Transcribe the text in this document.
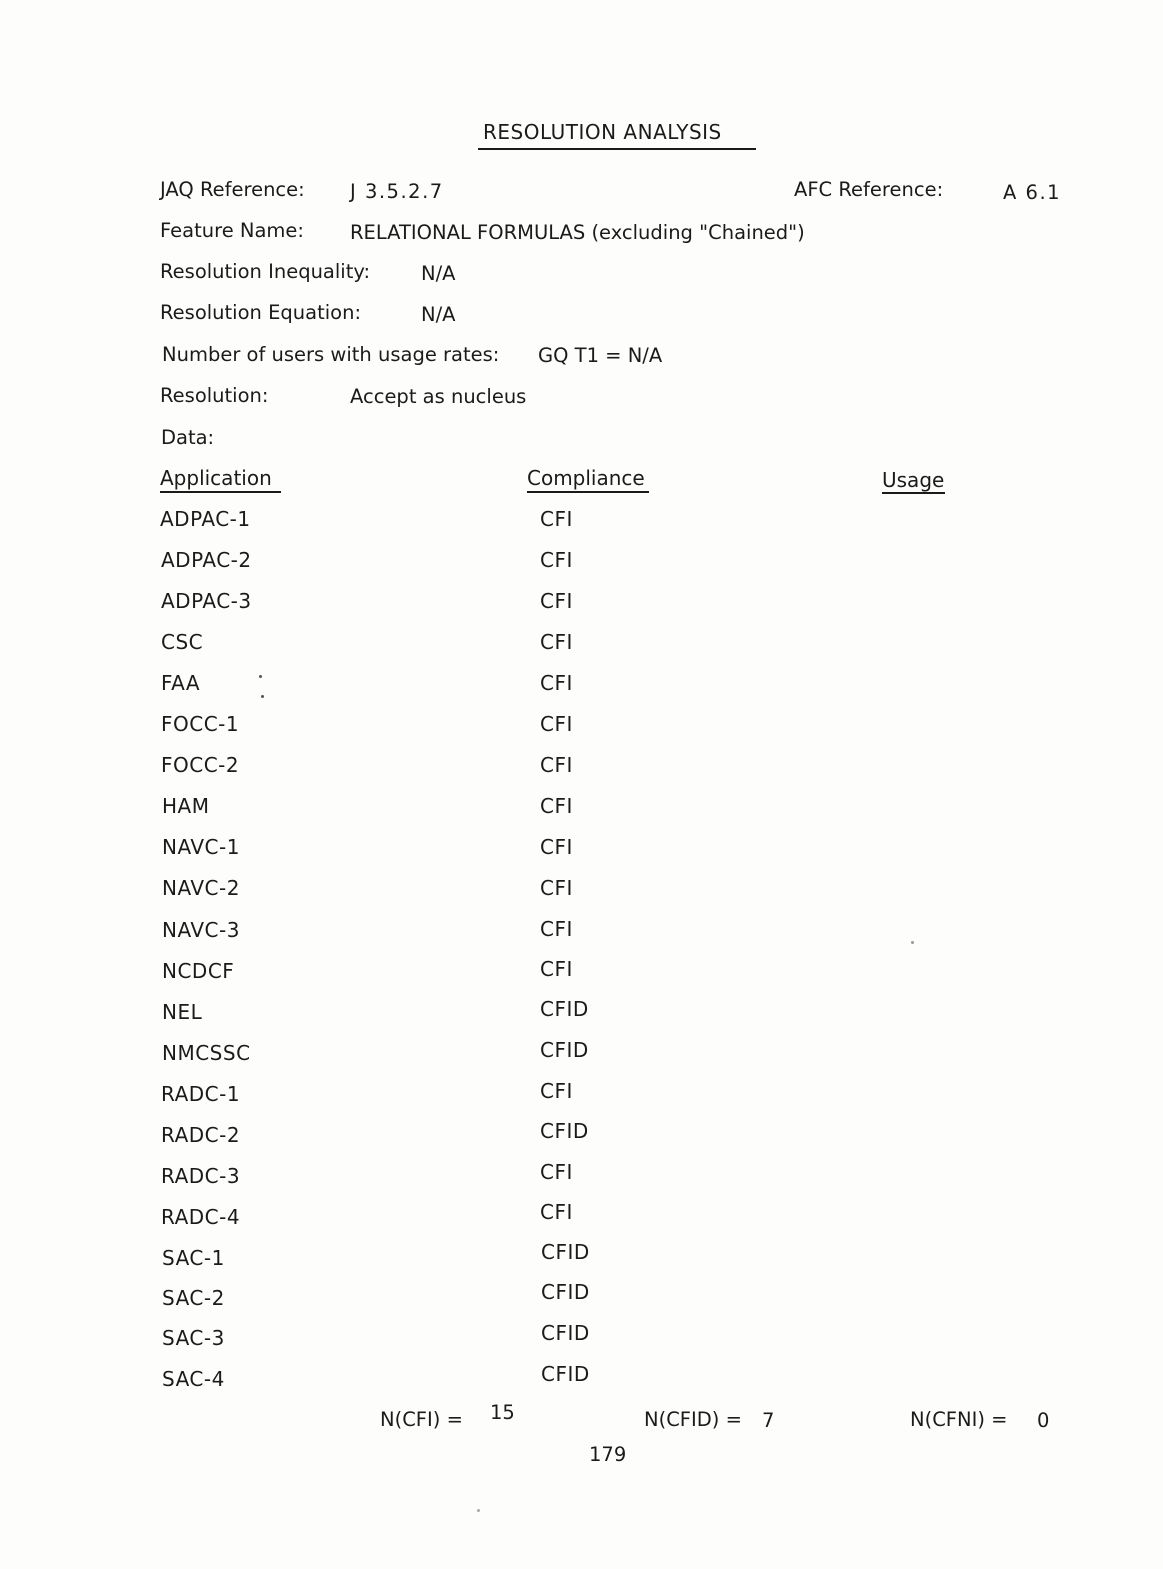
RESOLUTION ANALYSIS
JAQ Reference: J 3.5.2.7	AFC Reference:	A 6.1
Feature Name: RELATIONAL FORMULAS (excluding "Chained")
Resolution Inequality:	N/A
Resolution Equation:	N/A
Number of users with usage rates: GQ T1 = N/A
Resolution:	Accept as nucleus
Data:
Application	Compliance	Usage
ADPAC-1	CFI
ADPAC-2	CFI
ADPAC-3	CFI
CSC	CFI
FAA	CFI
FOCC-1	CFI
FOCC-2	CFI
HAM	CFI
NAVC-1	CFI
NAVC-2	CFI
NAVC-3	CFI
NCDCF	CFI
NEL	CFID
NMCSSC	CFID
RADC-1	CFI
RADC-2	CFID
RADC-3	CFI
RADC-4	CFI
SAC-1	CFID
SAC-2	CFID
SAC-3	CFID
SAC-4	CFID
N(CFI) = 15	N(CFID) = 7	N(CFNI) = 0
179
